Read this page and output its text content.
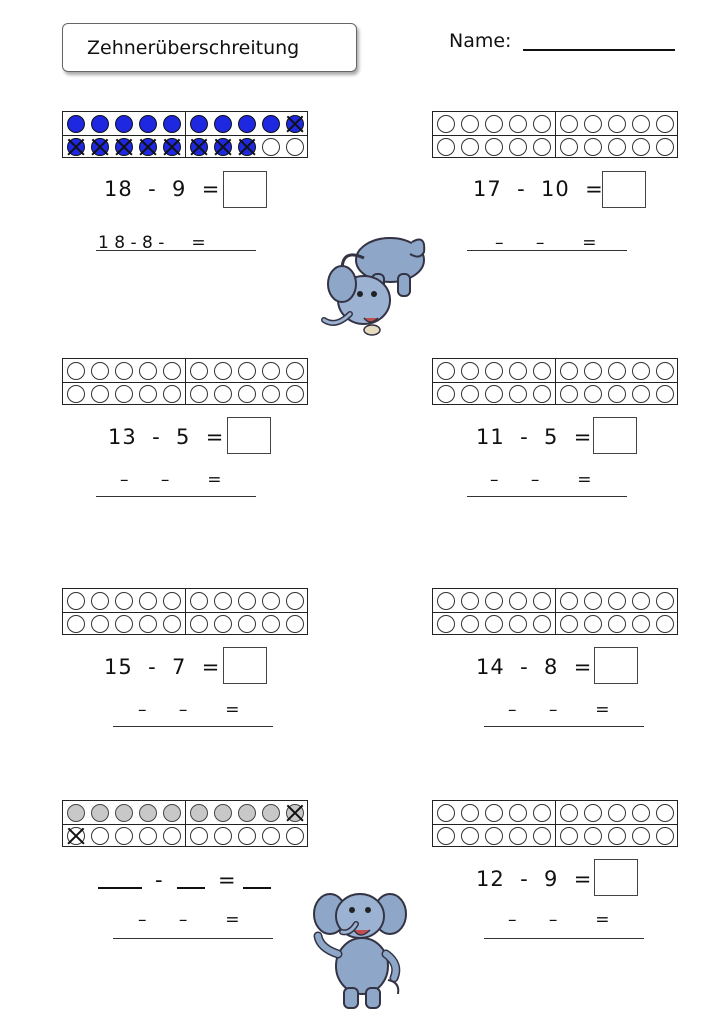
Zehnerüberschreitung	Name:
18  -  9  =
1 8 - 8 -     =
17  -  10  =
–      –       =
13  -  5  =
–      –       =
11  -  5  =
–      –       =
15  -  7  =
–      –       =
14  -  8  =
–      –       =
-	=
–      –       =
12  -  9  =
–      –       =
